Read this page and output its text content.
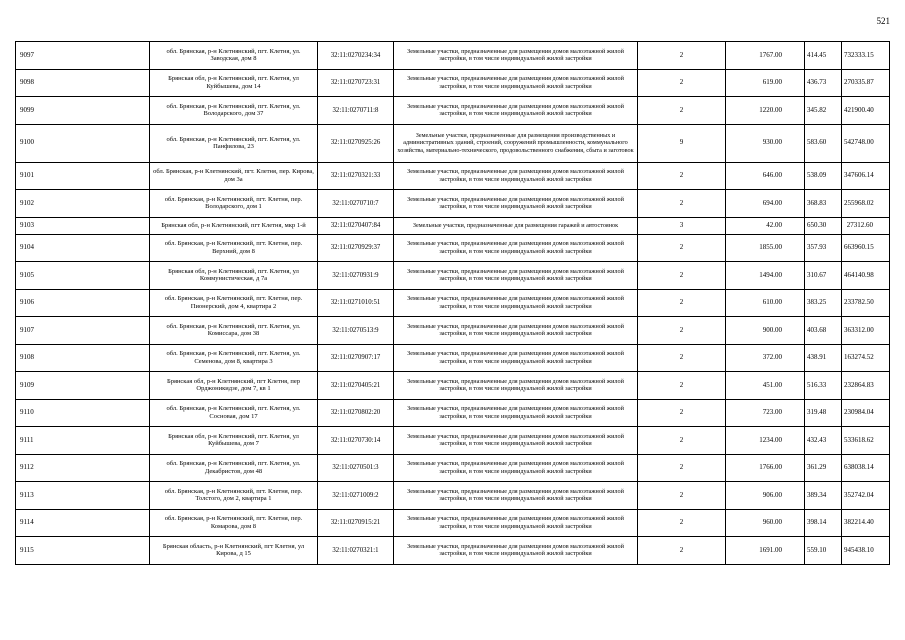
521
9097	обл. Брянская, р-н Клетнянский, пгт. Клетня, ул. Заводская, дом 8	32:11:0270234:34	Земельные участки, предназначенные для размещения домов малоэтажной жилой застройки, в том числе индивидуальной жилой застройки	2	1767.00	414.45	732333.15
9098	Брянская обл, р-н Клетнянский, пгт. Клетня, ул Куйбышева, дом 14	32:11:0270723:31	Земельные участки, предназначенные для размещения домов малоэтажной жилой застройки, в том числе индивидуальной жилой застройки	2	619.00	436.73	270335.87
9099	обл. Брянская, р-н Клетнянский, пгт. Клетня, ул. Володарского, дом 37	32:11:0270711:8	Земельные участки, предназначенные для размещения домов малоэтажной жилой застройки, в том числе индивидуальной жилой застройки	2	1220.00	345.82	421900.40
9100	обл. Брянская, р-н Клетнянский, пгт. Клетня, ул. Панфилова, 23	32:11:0270925:26	Земельные участки, предназначенные для размещения производственных и административных зданий, строений, сооружений промышленности, коммунального хозяйства, материально-технического, продовольственного снабжения, сбыта и заготовок	9	930.00	583.60	542748.00
9101	обл. Брянская, р-н Клетнянский, пгт. Клетня, пер. Кирова, дом 3а	32:11:0270321:33	Земельные участки, предназначенные для размещения домов малоэтажной жилой застройки, в том числе индивидуальной жилой застройки	2	646.00	538.09	347606.14
9102	обл. Брянская, р-н Клетнянский, пгт. Клетня, пер. Володарского, дом 1	32:11:0270710:7	Земельные участки, предназначенные для размещения домов малоэтажной жилой застройки, в том числе индивидуальной жилой застройки	2	694.00	368.83	255968.02
9103	Брянская обл, р-н Клетнянский, пгт Клетня, мкр 1-й	32:11:0270407:84	Земельные участки, предназначенные для размещения гаражей и автостоянок	3	42.00	650.30	27312.60
9104	обл. Брянская, р-н Клетнянский, пгт. Клетня, пер. Верхний, дом 8	32:11:0270929:37	Земельные участки, предназначенные для размещения домов малоэтажной жилой застройки, в том числе индивидуальной жилой застройки	2	1855.00	357.93	663960.15
9105	Брянская обл, р-н Клетнянский, пгт. Клетня, ул Коммунистическая, д 7а	32:11:0270931:9	Земельные участки, предназначенные для размещения домов малоэтажной жилой застройки, в том числе индивидуальной жилой застройки	2	1494.00	310.67	464140.98
9106	обл. Брянская, р-н Клетнянский, пгт. Клетня, пер. Пионерский, дом 4, квартира 2	32:11:0271010:51	Земельные участки, предназначенные для размещения домов малоэтажной жилой застройки, в том числе индивидуальной жилой застройки	2	610.00	383.25	233782.50
9107	обл. Брянская, р-н Клетнянский, пгт. Клетня, ул. Комиссара, дом 38	32:11:0270513:9	Земельные участки, предназначенные для размещения домов малоэтажной жилой застройки, в том числе индивидуальной жилой застройки	2	900.00	403.68	363312.00
9108	обл. Брянская, р-н Клетнянский, пгт. Клетня, ул. Семенова, дом 8, квартира 3	32:11:0270907:17	Земельные участки, предназначенные для размещения домов малоэтажной жилой застройки, в том числе индивидуальной жилой застройки	2	372.00	438.91	163274.52
9109	Брянская обл, р-н Клетнянский, пгт Клетня, пер Орджоникидзе, дом 7, кв 1	32:11:0270405:21	Земельные участки, предназначенные для размещения домов малоэтажной жилой застройки, в том числе индивидуальной жилой застройки	2	451.00	516.33	232864.83
9110	обл. Брянская, р-н Клетнянский, пгт. Клетня, ул. Сосновая, дом 17	32:11:0270802:20	Земельные участки, предназначенные для размещения домов малоэтажной жилой застройки, в том числе индивидуальной жилой застройки	2	723.00	319.48	230984.04
9111	Брянская обл, р-н Клетнянский, пгт. Клетня, ул Куйбышева, дом 7	32:11:0270730:14	Земельные участки, предназначенные для размещения домов малоэтажной жилой застройки, в том числе индивидуальной жилой застройки	2	1234.00	432.43	533618.62
9112	обл. Брянская, р-н Клетнянский, пгт. Клетня, ул. Декабристов, дом 48	32:11:0270501:3	Земельные участки, предназначенные для размещения домов малоэтажной жилой застройки, в том числе индивидуальной жилой застройки	2	1766.00	361.29	638038.14
9113	обл. Брянская, р-н Клетнянский, пгт. Клетня, пер. Толстого, дом 2, квартира 1	32:11:0271009:2	Земельные участки, предназначенные для размещения домов малоэтажной жилой застройки, в том числе индивидуальной жилой застройки	2	906.00	389.34	352742.04
9114	обл. Брянская, р-н Клетнянский, пгт. Клетня, пер. Комарова, дом 8	32:11:0270915:21	Земельные участки, предназначенные для размещения домов малоэтажной жилой застройки, в том числе индивидуальной жилой застройки	2	960.00	398.14	382214.40
9115	Брянская область, р-н Клетнянский, пгт Клетня, ул Кирова, д 15	32:11:0270321:1	Земельные участки, предназначенные для размещения домов малоэтажной жилой застройки, в том числе индивидуальной жилой застройки	2	1691.00	559.10	945438.10
